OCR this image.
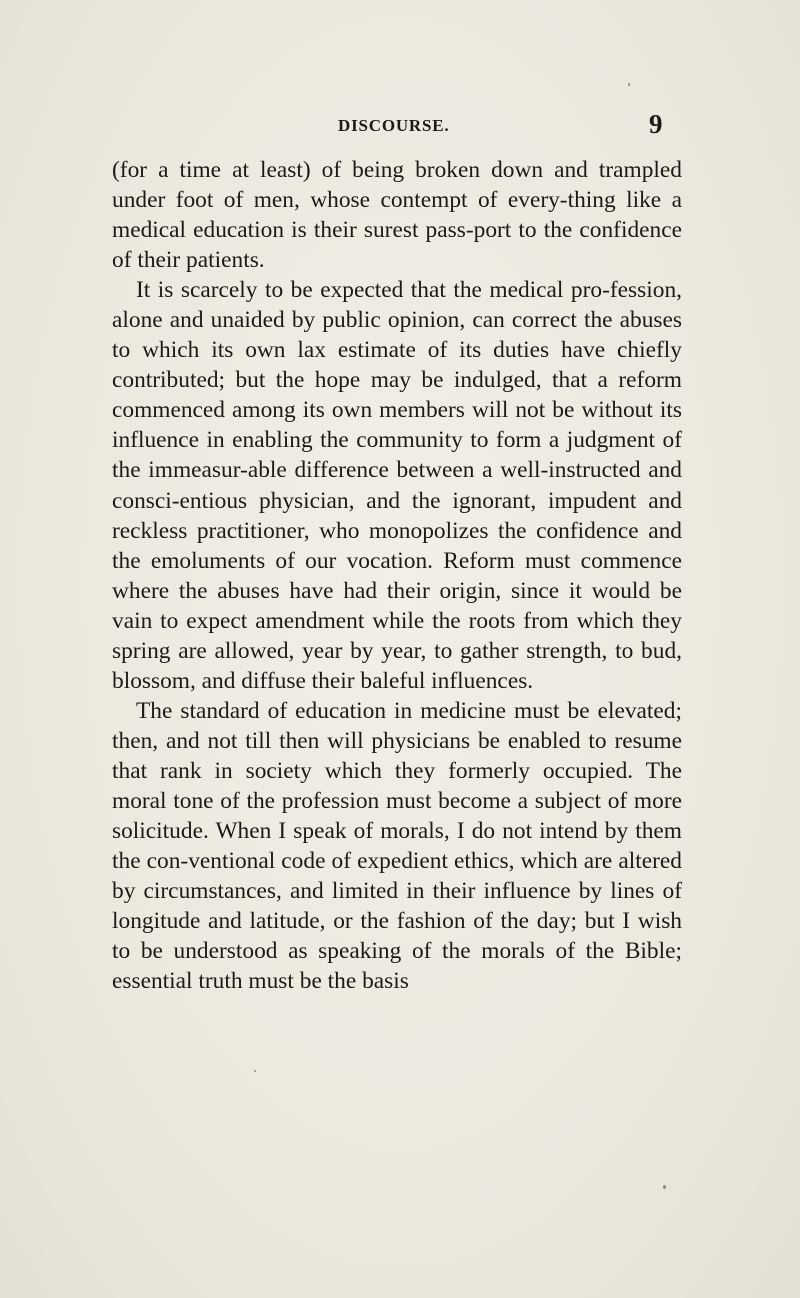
DISCOURSE.	9

(for a time at least) of being broken down and trampled under foot of men, whose contempt of every-thing like a medical education is their surest pass-port to the confidence of their patients.

It is scarcely to be expected that the medical pro-fession, alone and unaided by public opinion, can correct the abuses to which its own lax estimate of its duties have chiefly contributed; but the hope may be indulged, that a reform commenced among its own members will not be without its influence in enabling the community to form a judgment of the immeasur-able difference between a well-instructed and consci-entious physician, and the ignorant, impudent and reckless practitioner, who monopolizes the confidence and the emoluments of our vocation. Reform must commence where the abuses have had their origin, since it would be vain to expect amendment while the roots from which they spring are allowed, year by year, to gather strength, to bud, blossom, and diffuse their baleful influences.

The standard of education in medicine must be elevated; then, and not till then will physicians be enabled to resume that rank in society which they formerly occupied. The moral tone of the profession must become a subject of more solicitude. When I speak of morals, I do not intend by them the con-ventional code of expedient ethics, which are altered by circumstances, and limited in their influence by lines of longitude and latitude, or the fashion of the day; but I wish to be understood as speaking of the morals of the Bible; essential truth must be the basis
